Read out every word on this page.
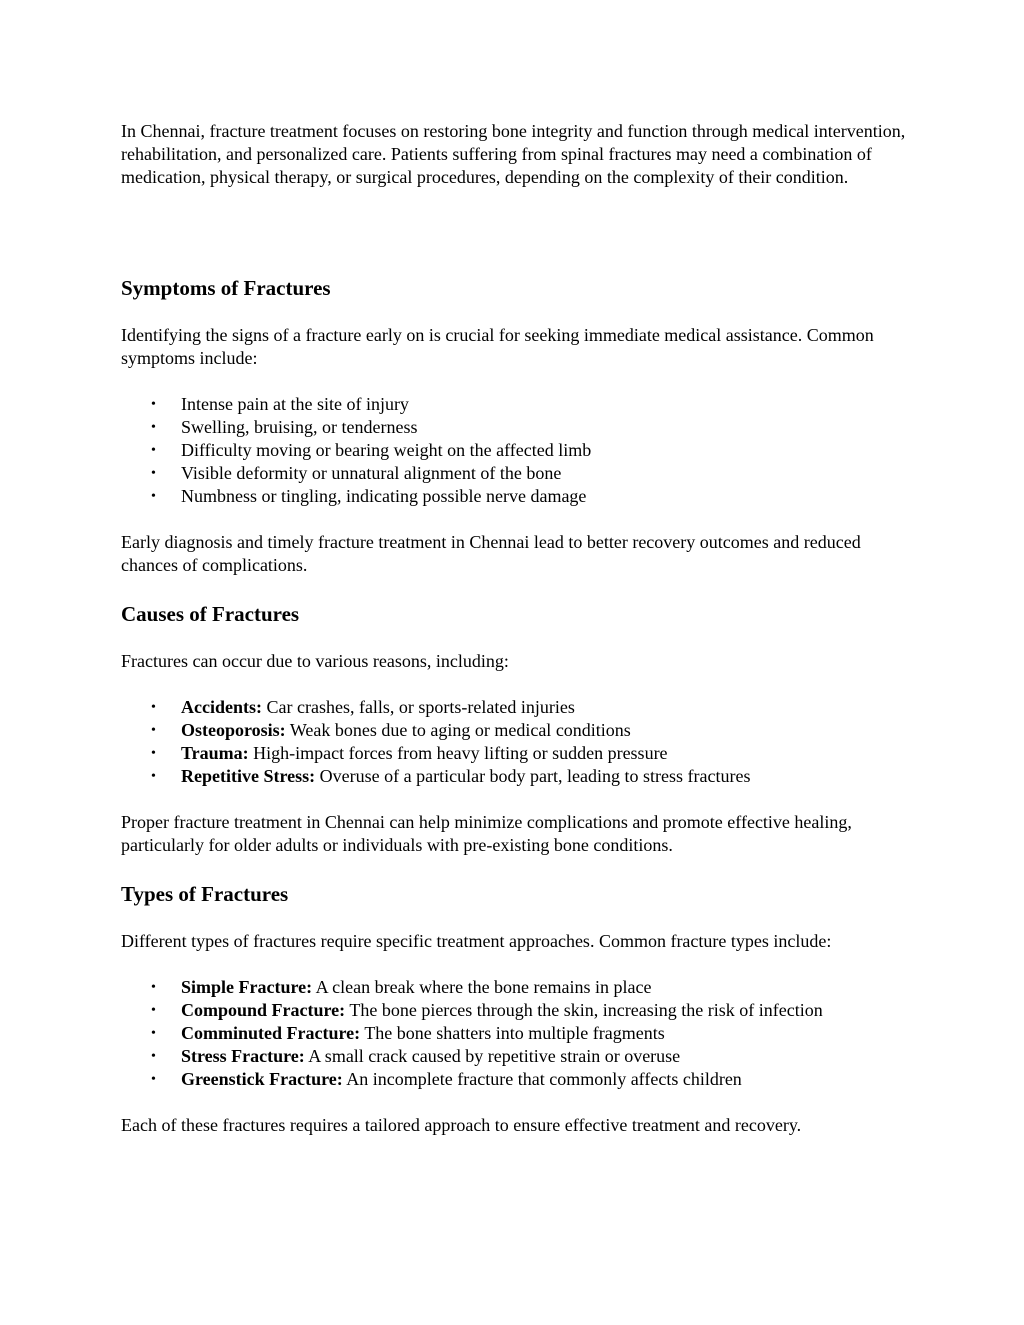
In Chennai, fracture treatment focuses on restoring bone integrity and function through medical intervention, rehabilitation, and personalized care. Patients suffering from spinal fractures may need a combination of medication, physical therapy, or surgical procedures, depending on the complexity of their condition.

Symptoms of Fractures

Identifying the signs of a fracture early on is crucial for seeking immediate medical assistance. Common symptoms include:

• Intense pain at the site of injury
• Swelling, bruising, or tenderness
• Difficulty moving or bearing weight on the affected limb
• Visible deformity or unnatural alignment of the bone
• Numbness or tingling, indicating possible nerve damage

Early diagnosis and timely fracture treatment in Chennai lead to better recovery outcomes and reduced chances of complications.

Causes of Fractures

Fractures can occur due to various reasons, including:

• Accidents: Car crashes, falls, or sports-related injuries
• Osteoporosis: Weak bones due to aging or medical conditions
• Trauma: High-impact forces from heavy lifting or sudden pressure
• Repetitive Stress: Overuse of a particular body part, leading to stress fractures

Proper fracture treatment in Chennai can help minimize complications and promote effective healing, particularly for older adults or individuals with pre-existing bone conditions.

Types of Fractures

Different types of fractures require specific treatment approaches. Common fracture types include:

• Simple Fracture: A clean break where the bone remains in place
• Compound Fracture: The bone pierces through the skin, increasing the risk of infection
• Comminuted Fracture: The bone shatters into multiple fragments
• Stress Fracture: A small crack caused by repetitive strain or overuse
• Greenstick Fracture: An incomplete fracture that commonly affects children

Each of these fractures requires a tailored approach to ensure effective treatment and recovery.
